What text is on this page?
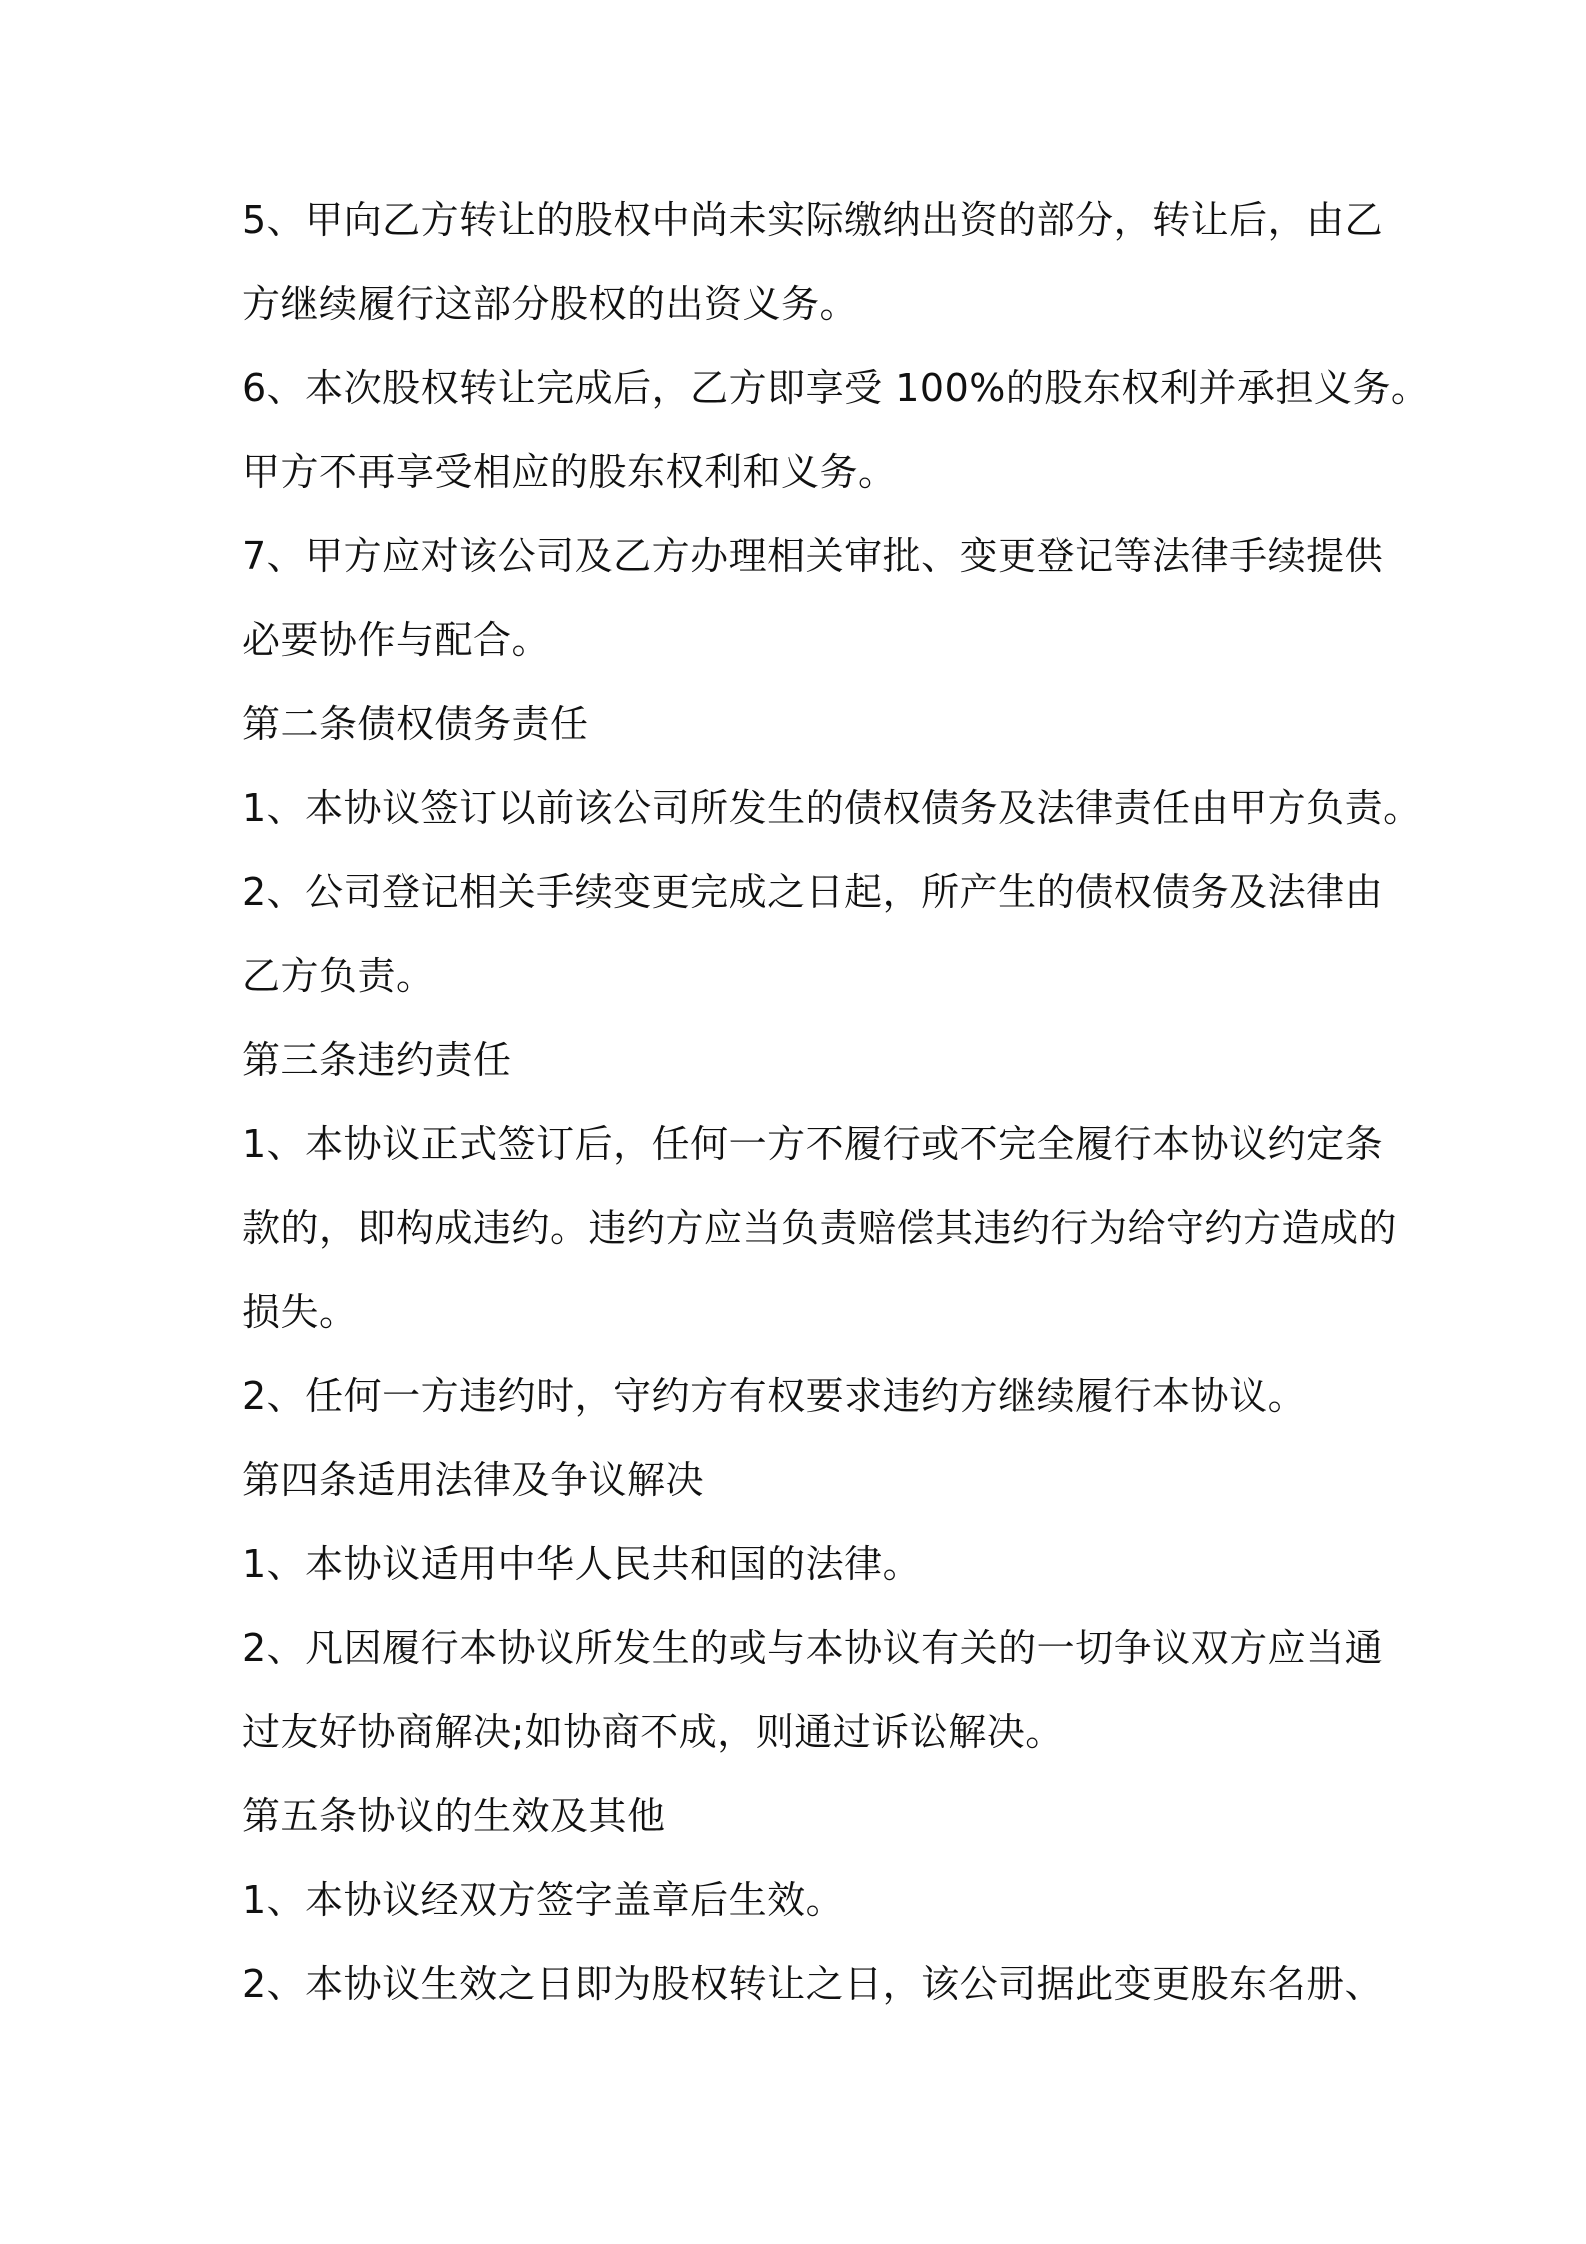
5、甲向乙方转让的股权中尚未实际缴纳出资的部分，转让后，由乙
方继续履行这部分股权的出资义务。
6、本次股权转让完成后，乙方即享受 100%的股东权利并承担义务。
甲方不再享受相应的股东权利和义务。
7、甲方应对该公司及乙方办理相关审批、变更登记等法律手续提供
必要协作与配合。
第二条债权债务责任
1、本协议签订以前该公司所发生的债权债务及法律责任由甲方负责。
2、公司登记相关手续变更完成之日起，所产生的债权债务及法律由
乙方负责。
第三条违约责任
1、本协议正式签订后，任何一方不履行或不完全履行本协议约定条
款的，即构成违约。违约方应当负责赔偿其违约行为给守约方造成的
损失。
2、任何一方违约时，守约方有权要求违约方继续履行本协议。
第四条适用法律及争议解决
1、本协议适用中华人民共和国的法律。
2、凡因履行本协议所发生的或与本协议有关的一切争议双方应当通
过友好协商解决;如协商不成，则通过诉讼解决。
第五条协议的生效及其他
1、本协议经双方签字盖章后生效。
2、本协议生效之日即为股权转让之日，该公司据此变更股东名册、
